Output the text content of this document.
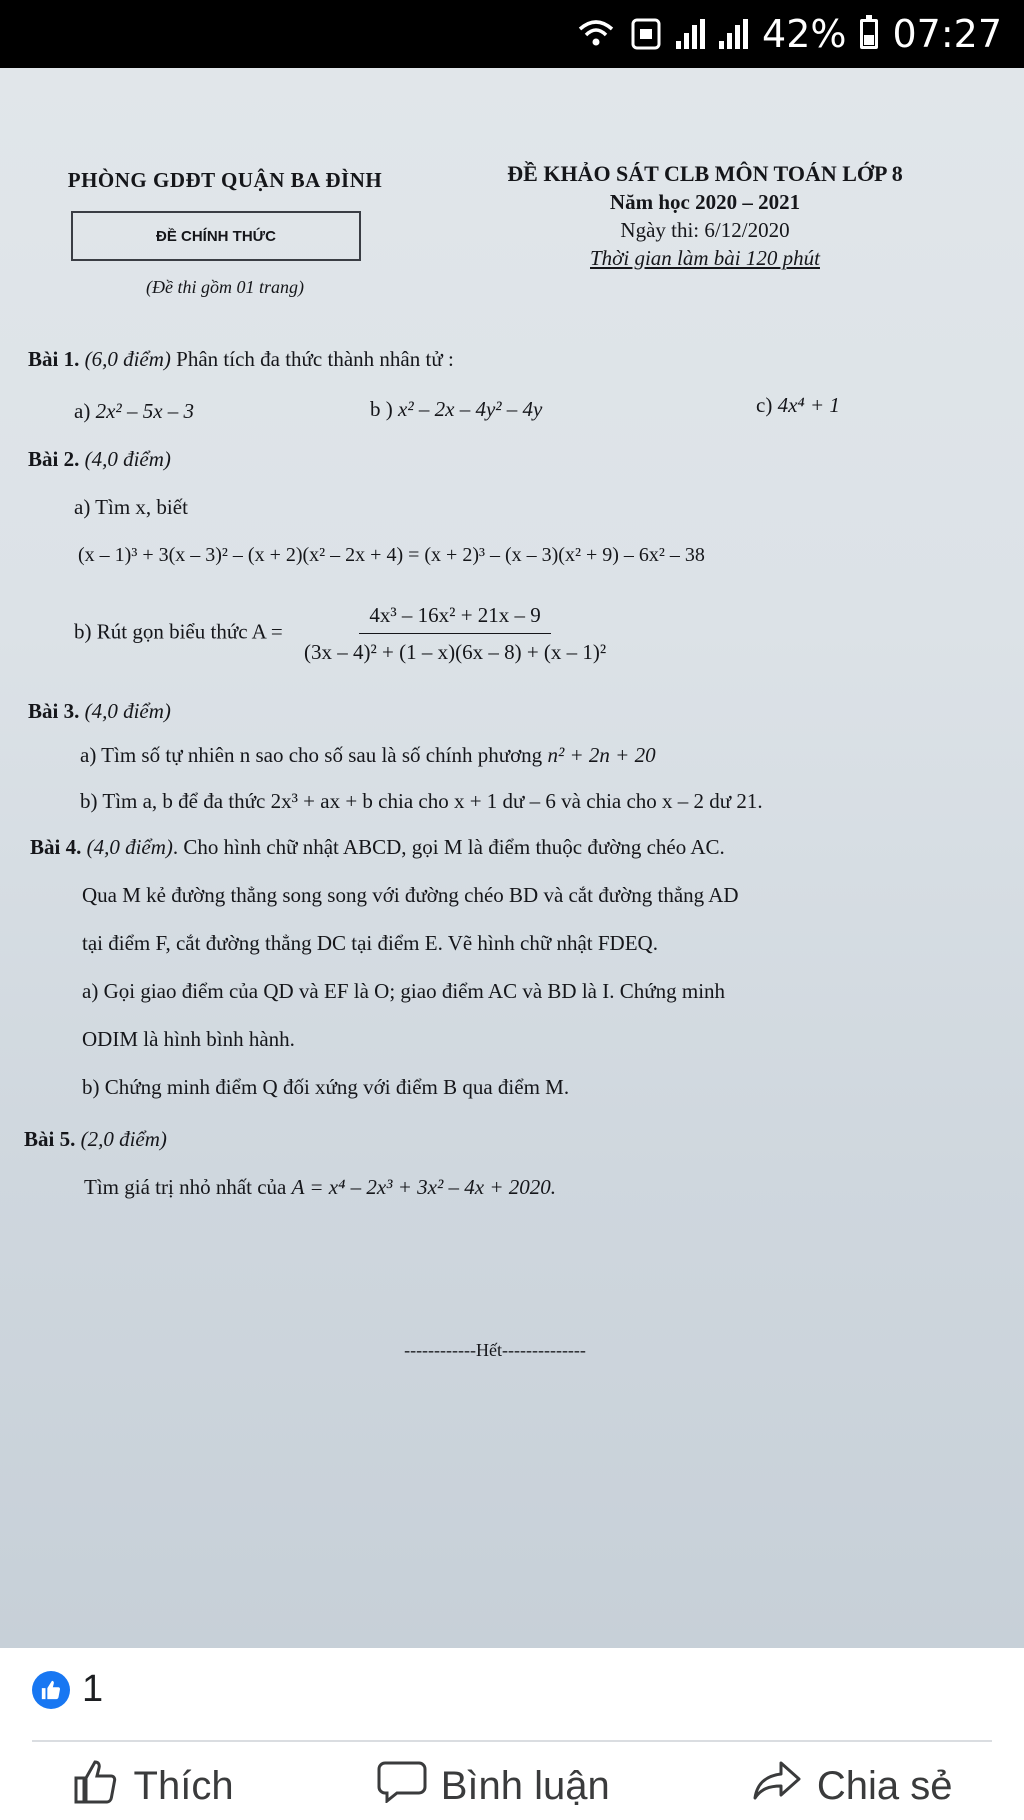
42% 07:27
PHÒNG GDĐT QUẬN BA ĐÌNH
ĐỀ CHÍNH THỨC
(Đề thi gồm 01 trang)
ĐỀ KHẢO SÁT CLB MÔN TOÁN LỚP 8
Năm học 2020 – 2021
Ngày thi: 6/12/2020
Thời gian làm bài 120 phút
Bài 1. (6,0 điểm) Phân tích đa thức thành nhân tử :
a) 2x² – 5x – 3	b ) x² – 2x – 4y² – 4y	c) 4x⁴ + 1
Bài 2. (4,0 điểm)
a) Tìm x, biết
(x – 1)³ + 3(x – 3)² – (x + 2)(x² – 2x + 4) = (x + 2)³ – (x – 3)(x² + 9) – 6x² – 38
b) Rút gọn biểu thức $A = \frac{\text{4x³ – 16x² + 21x – 9}}{\text{(3x – 4)² + (1 – x)(6x – 8) + (x – 1)²}}$
Bài 3. (4,0 điểm)
a) Tìm số tự nhiên n sao cho số sau là số chính phương n² + 2n + 20
b) Tìm a, b để đa thức 2x³ + ax + b chia cho x + 1 dư – 6 và chia cho x – 2 dư 21.
Bài 4. (4,0 điểm). Cho hình chữ nhật ABCD, gọi M là điểm thuộc đường chéo AC.
Qua M kẻ đường thẳng song song với đường chéo BD và cắt đường thẳng AD
tại điểm F, cắt đường thẳng DC tại điểm E. Vẽ hình chữ nhật FDEQ.
a) Gọi giao điểm của QD và EF là O; giao điểm AC và BD là I. Chứng minh
ODIM là hình bình hành.
b) Chứng minh điểm Q đối xứng với điểm B qua điểm M.
Bài 5. (2,0 điểm)
Tìm giá trị nhỏ nhất của A = x⁴ – 2x³ + 3x² – 4x + 2020.
------------Hết--------------
1
Thích	Bình luận	Chia sẻ
